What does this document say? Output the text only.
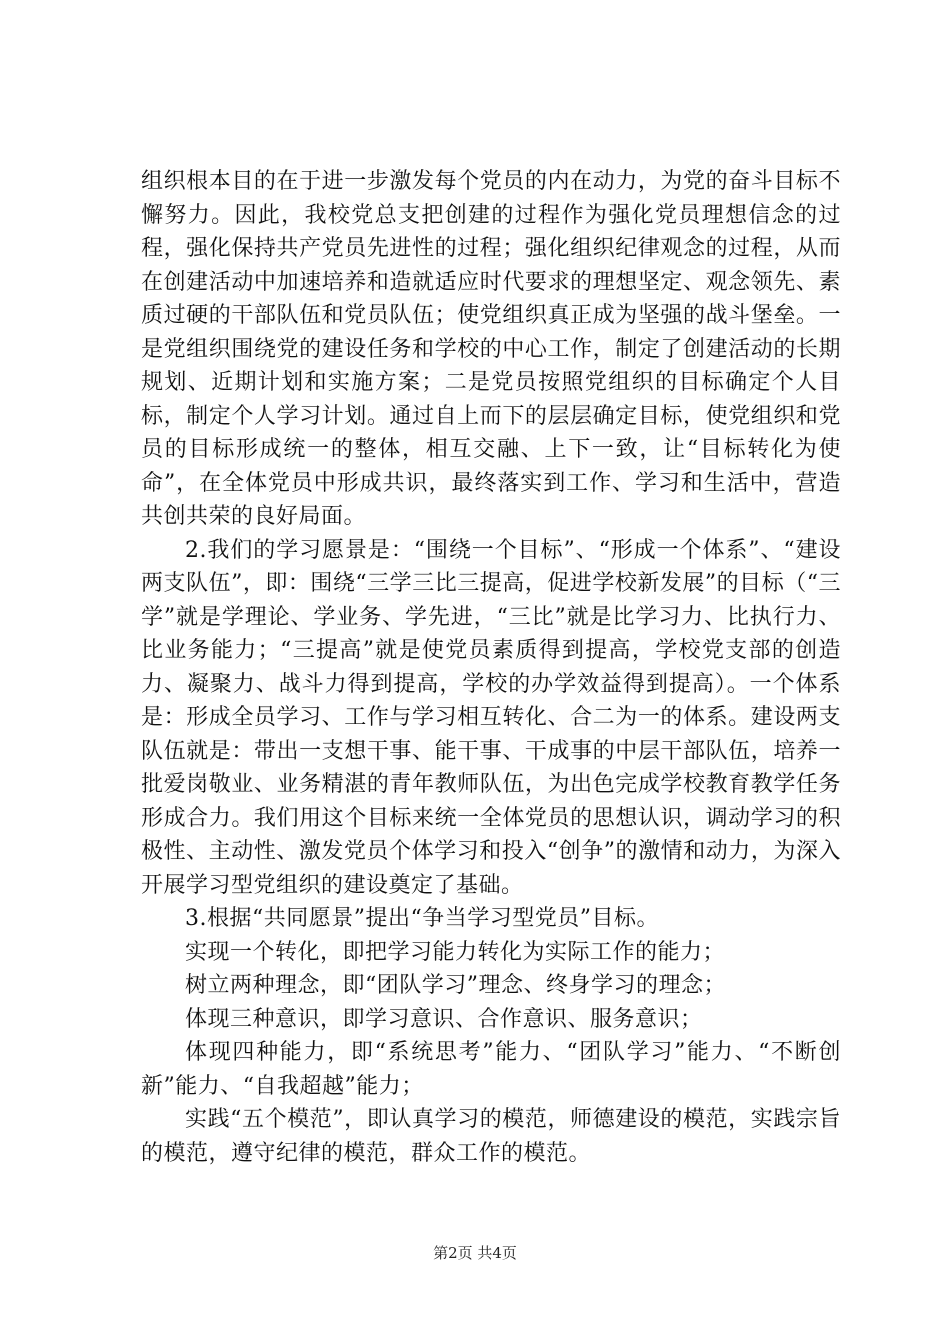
组织根本目的在于进一步激发每个党员的内在动力，为党的奋斗目标不懈努力。因此，我校党总支把创建的过程作为强化党员理想信念的过程，强化保持共产党员先进性的过程；强化组织纪律观念的过程，从而在创建活动中加速培养和造就适应时代要求的理想坚定、观念领先、素质过硬的干部队伍和党员队伍；使党组织真正成为坚强的战斗堡垒。一是党组织围绕党的建设任务和学校的中心工作，制定了创建活动的长期规划、近期计划和实施方案；二是党员按照党组织的目标确定个人目标，制定个人学习计划。通过自上而下的层层确定目标，使党组织和党员的目标形成统一的整体，相互交融、上下一致，让“目标转化为使命”，在全体党员中形成共识，最终落实到工作、学习和生活中，营造共创共荣的良好局面。

2.我们的学习愿景是：“围绕一个目标”、“形成一个体系”、“建设两支队伍”，即：围绕“三学三比三提高，促进学校新发展”的目标（“三学”就是学理论、学业务、学先进，“三比”就是比学习力、比执行力、比业务能力；“三提高”就是使党员素质得到提高，学校党支部的创造力、凝聚力、战斗力得到提高，学校的办学效益得到提高）。一个体系是：形成全员学习、工作与学习相互转化、合二为一的体系。建设两支队伍就是：带出一支想干事、能干事、干成事的中层干部队伍，培养一批爱岗敬业、业务精湛的青年教师队伍，为出色完成学校教育教学任务形成合力。我们用这个目标来统一全体党员的思想认识，调动学习的积极性、主动性、激发党员个体学习和投入“创争”的激情和动力，为深入开展学习型党组织的建设奠定了基础。

3.根据“共同愿景”提出“争当学习型党员”目标。

实现一个转化，即把学习能力转化为实际工作的能力；

树立两种理念，即“团队学习”理念、终身学习的理念；

体现三种意识，即学习意识、合作意识、服务意识；

体现四种能力，即“系统思考”能力、“团队学习”能力、“不断创新”能力、“自我超越”能力；

实践“五个模范”，即认真学习的模范，师德建设的模范，实践宗旨的模范，遵守纪律的模范，群众工作的模范。

第2页 共4页
